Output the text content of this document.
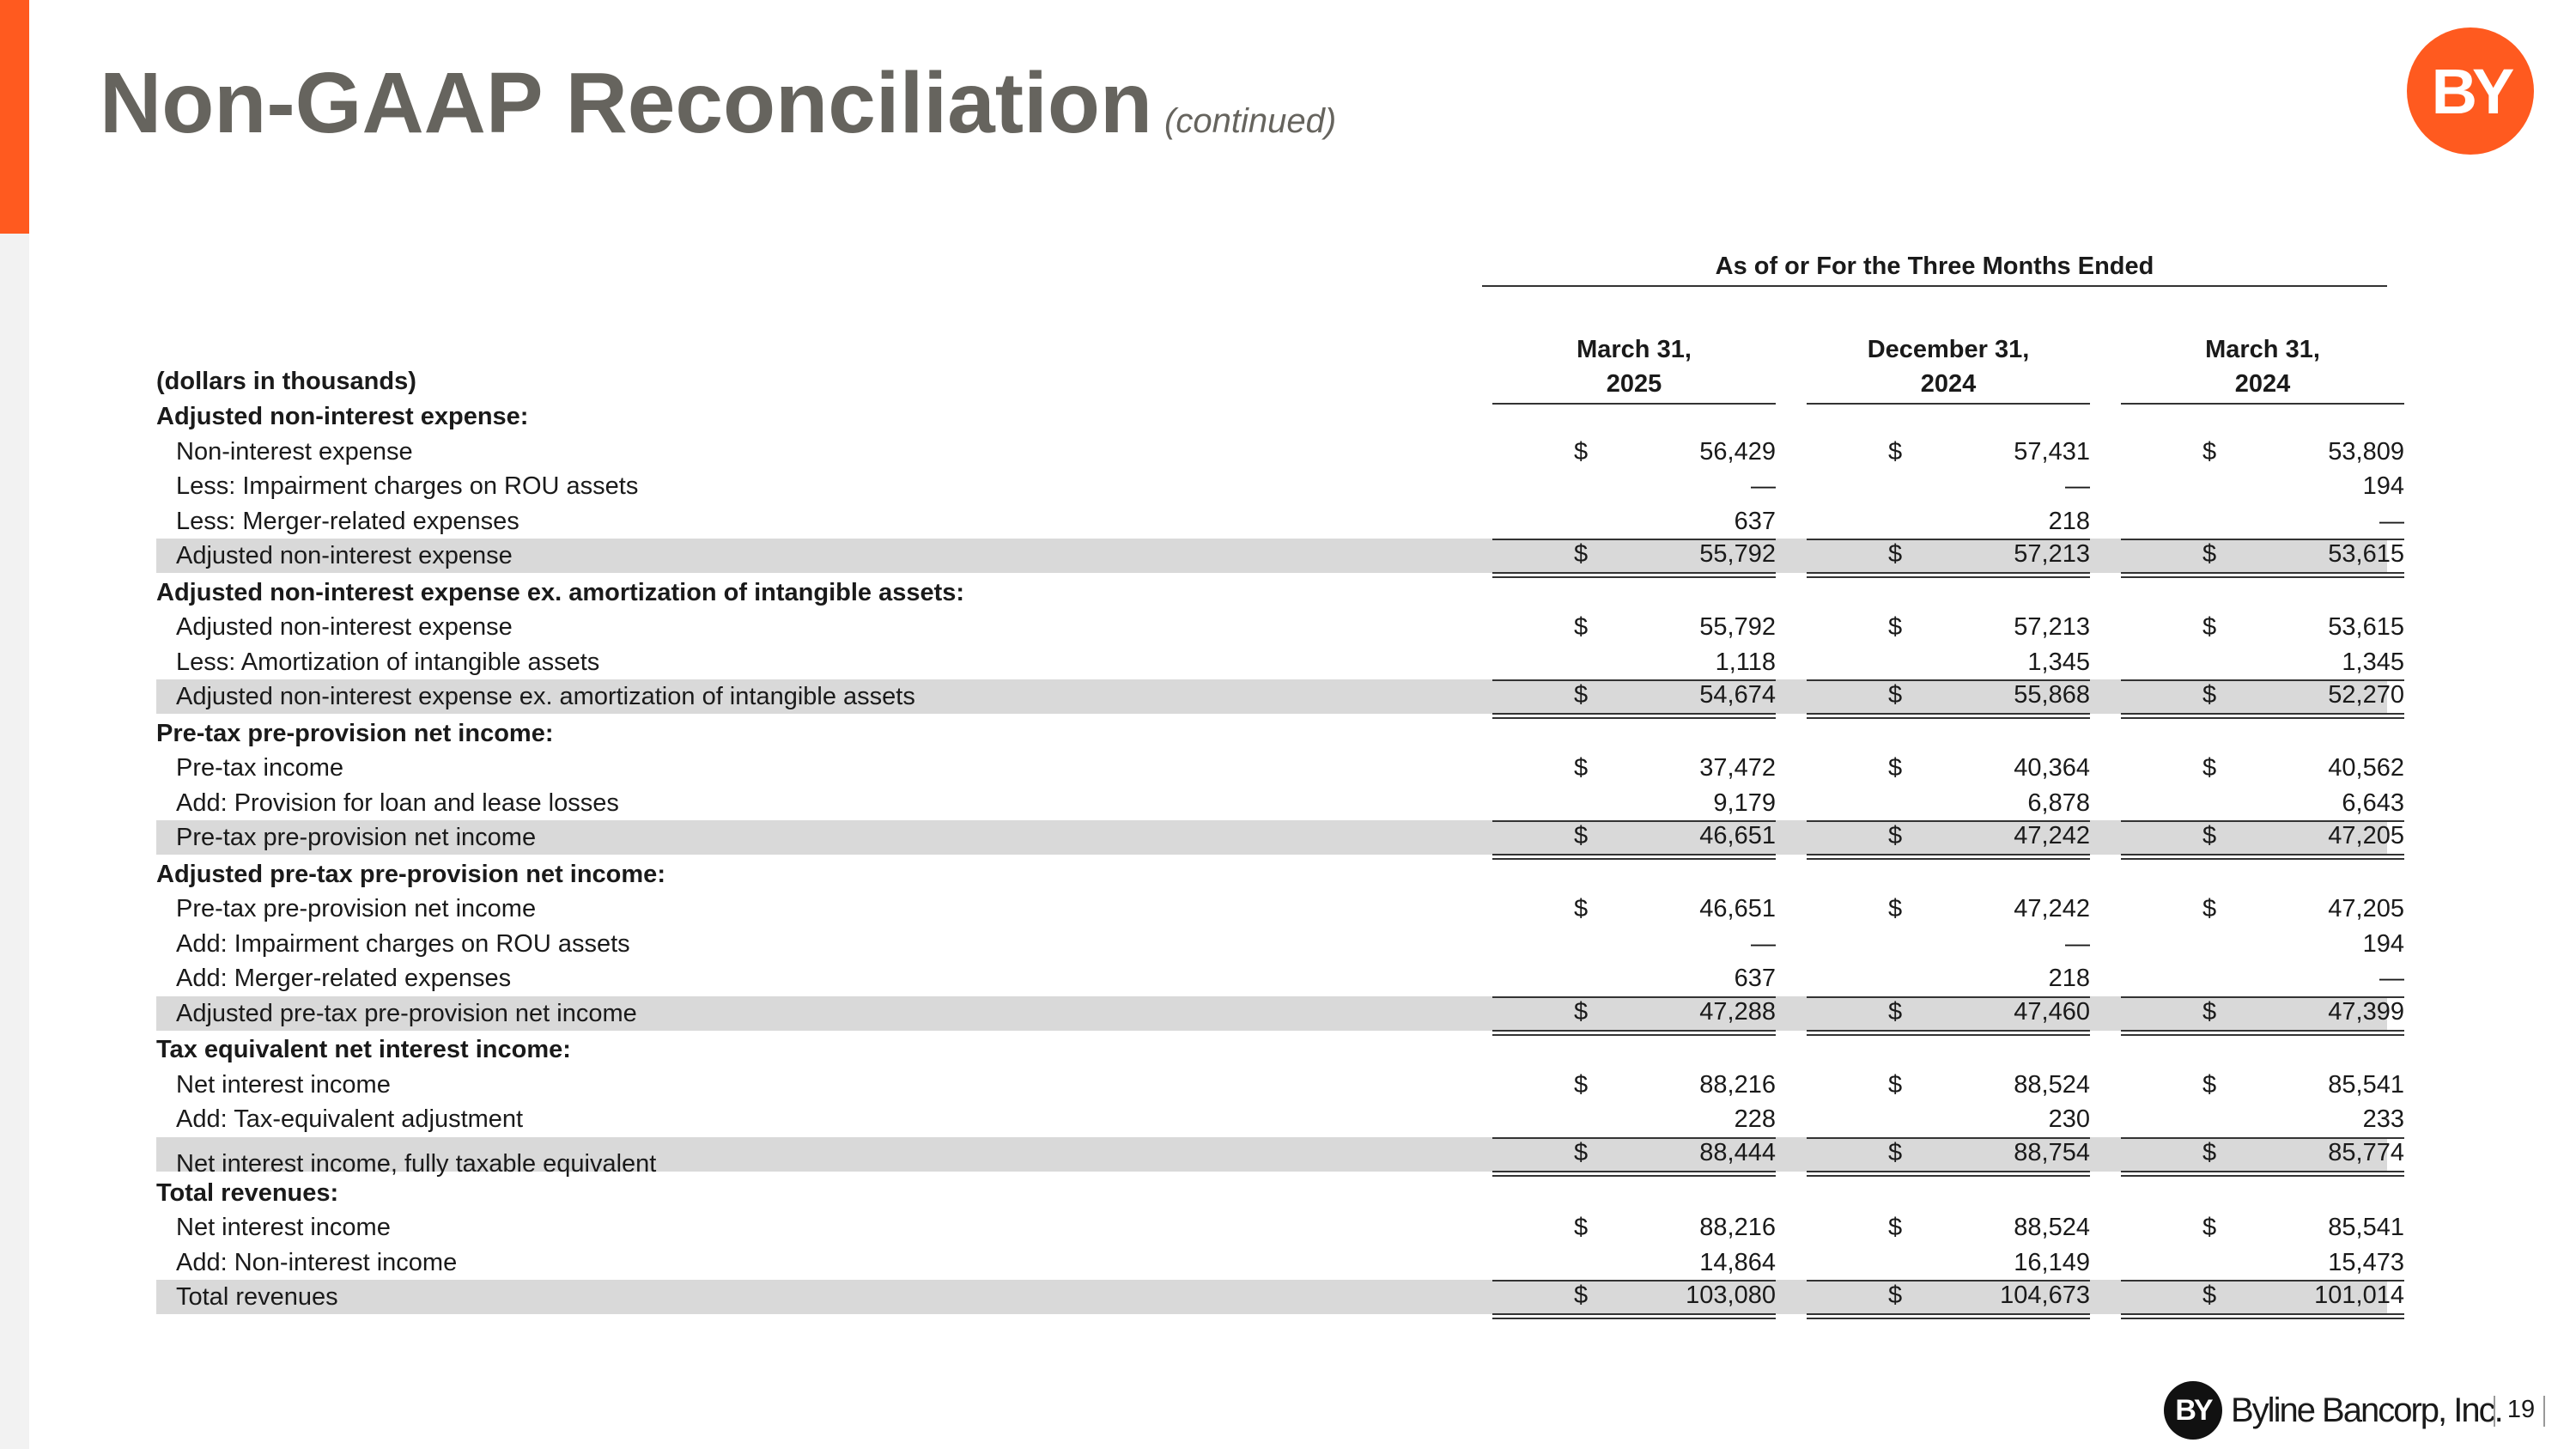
Non-GAAP Reconciliation (continued)	BY
As of or For the Three Months Ended
(dollars in thousands)
March 31,
2025
December 31,
2024
March 31,
2024
Adjusted non-interest expense:
Non-interest expense	$	56,429	$	57,431	$	53,809
Less: Impairment charges on ROU assets	—	—	194
Less: Merger-related expenses	637	218	—
Adjusted non-interest expense	$	55,792	$	57,213	$	53,615
Adjusted non-interest expense ex. amortization of intangible assets:
Adjusted non-interest expense	$	55,792	$	57,213	$	53,615
Less: Amortization of intangible assets	1,118	1,345	1,345
Adjusted non-interest expense ex. amortization of intangible assets	$	54,674	$	55,868	$	52,270
Pre-tax pre-provision net income:
Pre-tax income	$	37,472	$	40,364	$	40,562
Add: Provision for loan and lease losses	9,179	6,878	6,643
Pre-tax pre-provision net income	$	46,651	$	47,242	$	47,205
Adjusted pre-tax pre-provision net income:
Pre-tax pre-provision net income	$	46,651	$	47,242	$	47,205
Add: Impairment charges on ROU assets	—	—	194
Add: Merger-related expenses	637	218	—
Adjusted pre-tax pre-provision net income	$	47,288	$	47,460	$	47,399
Tax equivalent net interest income:
Net interest income	$	88,216	$	88,524	$	85,541
Add: Tax-equivalent adjustment	228	230	233
Net interest income, fully taxable equivalent	$	88,444	$	88,754	$	85,774
Total revenues:
Net interest income	$	88,216	$	88,524	$	85,541
Add: Non-interest income	14,864	16,149	15,473
Total revenues	$	103,080	$	104,673	$	101,014
BY Byline Bancorp, Inc. 19
